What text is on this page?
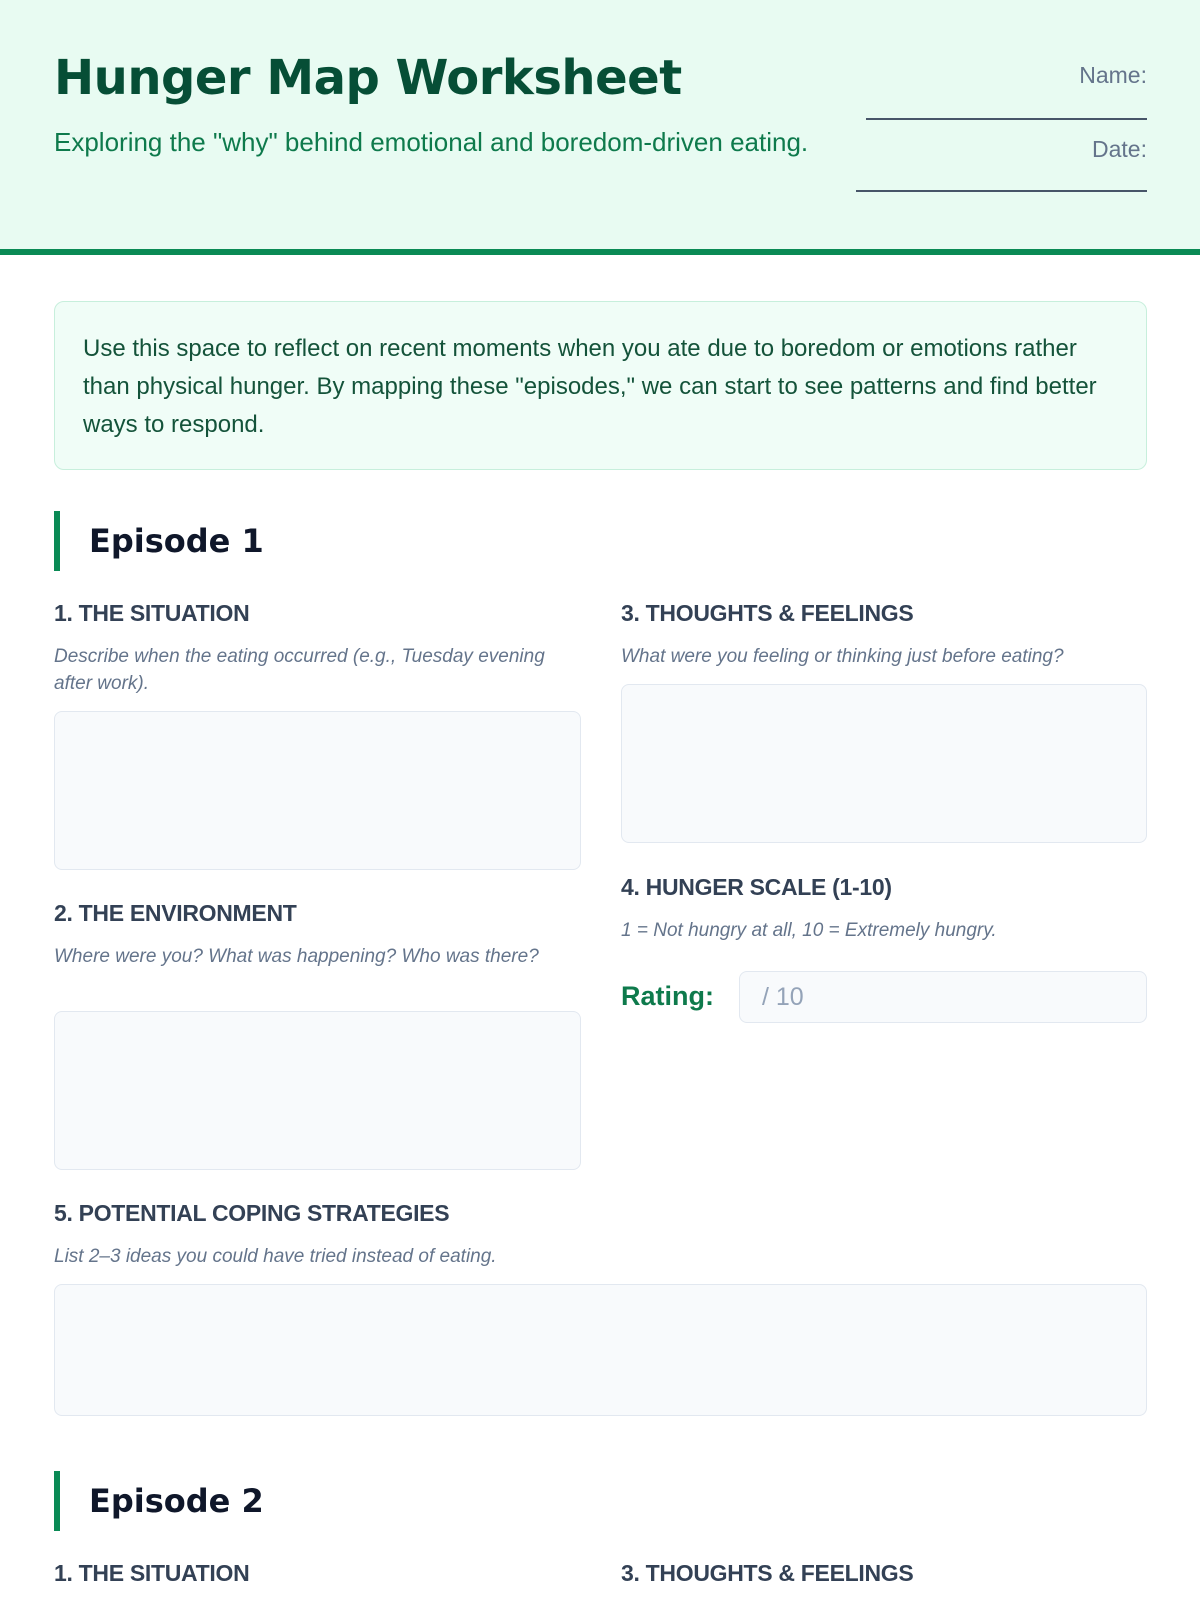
Hunger Map Worksheet
Exploring the "why" behind emotional and boredom-driven eating.
Name:
Date:

Use this space to reflect on recent moments when you ate due to boredom or emotions rather than physical hunger. By mapping these "episodes," we can start to see patterns and find better ways to respond.

Episode 1
1. THE SITUATION
Describe when the eating occurred (e.g., Tuesday evening after work).
2. THE ENVIRONMENT
Where were you? What was happening? Who was there?
3. THOUGHTS & FEELINGS
What were you feeling or thinking just before eating?
4. HUNGER SCALE (1-10)
1 = Not hungry at all, 10 = Extremely hungry.
Rating:	/ 10
5. POTENTIAL COPING STRATEGIES
List 2–3 ideas you could have tried instead of eating.
Episode 2
1. THE SITUATION	3. THOUGHTS & FEELINGS
